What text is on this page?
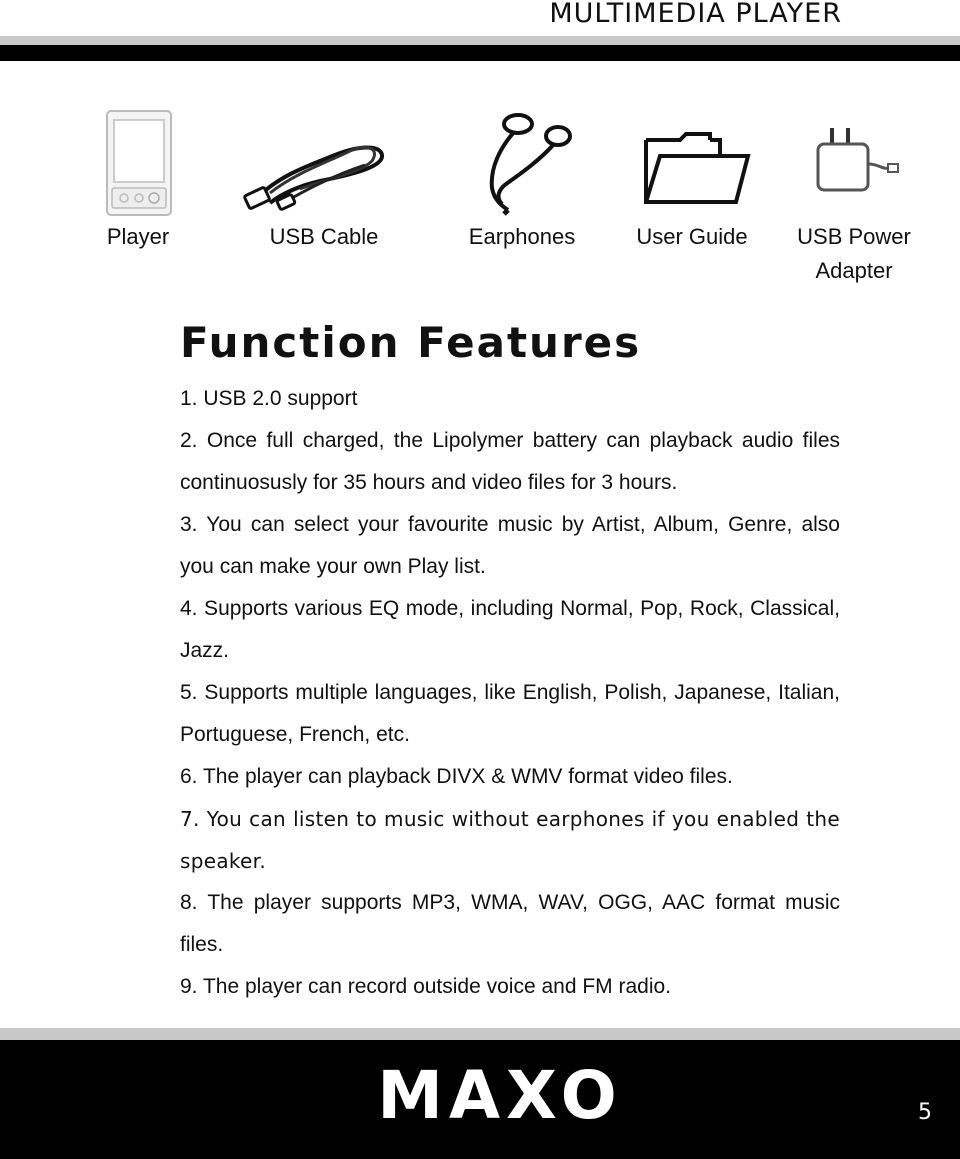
MULTIMEDIA PLAYER
Player	USB Cable	Earphones	User Guide USB Power
Adapter
Function Features
1. USB 2.0 support
2. Once full charged, the Lipolymer battery can playback audio files continuosusly for 35 hours and video files for 3 hours.
3. You can select your favourite music by Artist, Album, Genre, also you can make your own Play list.
4. Supports various EQ mode, including Normal, Pop, Rock, Classical, Jazz.
5. Supports multiple languages, like English, Polish, Japanese, Italian, Portuguese, French, etc.
6. The player can playback DIVX & WMV format video files.
7. You can listen to music without earphones if you enabled the speaker.
8. The player supports MP3, WMA, WAV, OGG, AAC format music files.
9. The player can record outside voice and FM radio.
MAXO	5
